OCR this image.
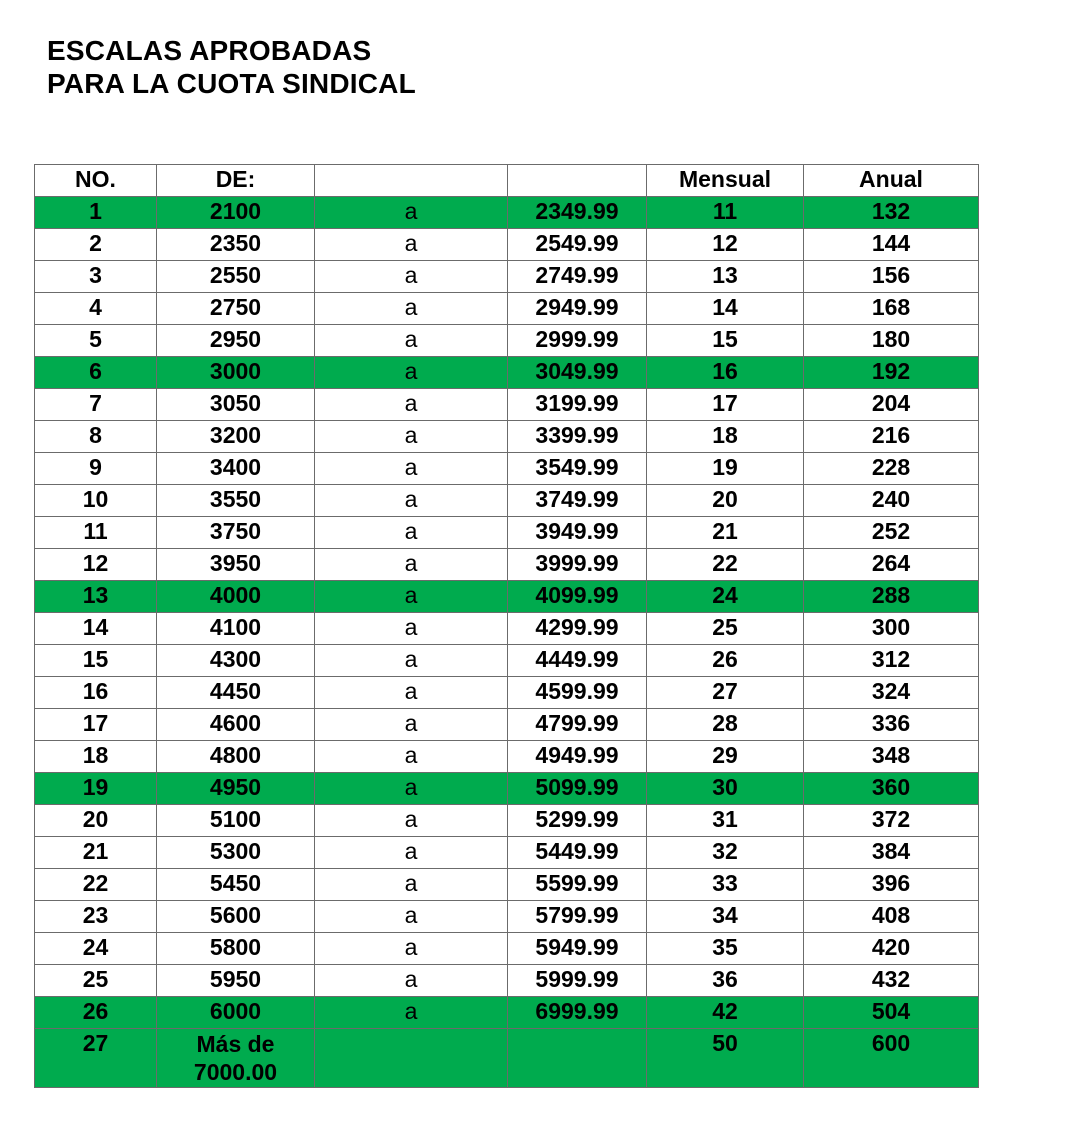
ESCALAS APROBADAS
PARA LA CUOTA SINDICAL
NO.	DE:			Mensual	Anual
1	2100	a	2349.99	11	132
2	2350	a	2549.99	12	144
3	2550	a	2749.99	13	156
4	2750	a	2949.99	14	168
5	2950	a	2999.99	15	180
6	3000	a	3049.99	16	192
7	3050	a	3199.99	17	204
8	3200	a	3399.99	18	216
9	3400	a	3549.99	19	228
10	3550	a	3749.99	20	240
11	3750	a	3949.99	21	252
12	3950	a	3999.99	22	264
13	4000	a	4099.99	24	288
14	4100	a	4299.99	25	300
15	4300	a	4449.99	26	312
16	4450	a	4599.99	27	324
17	4600	a	4799.99	28	336
18	4800	a	4949.99	29	348
19	4950	a	5099.99	30	360
20	5100	a	5299.99	31	372
21	5300	a	5449.99	32	384
22	5450	a	5599.99	33	396
23	5600	a	5799.99	34	408
24	5800	a	5949.99	35	420
25	5950	a	5999.99	36	432
26	6000	a	6999.99	42	504
27	Más de 7000.00			50	600
